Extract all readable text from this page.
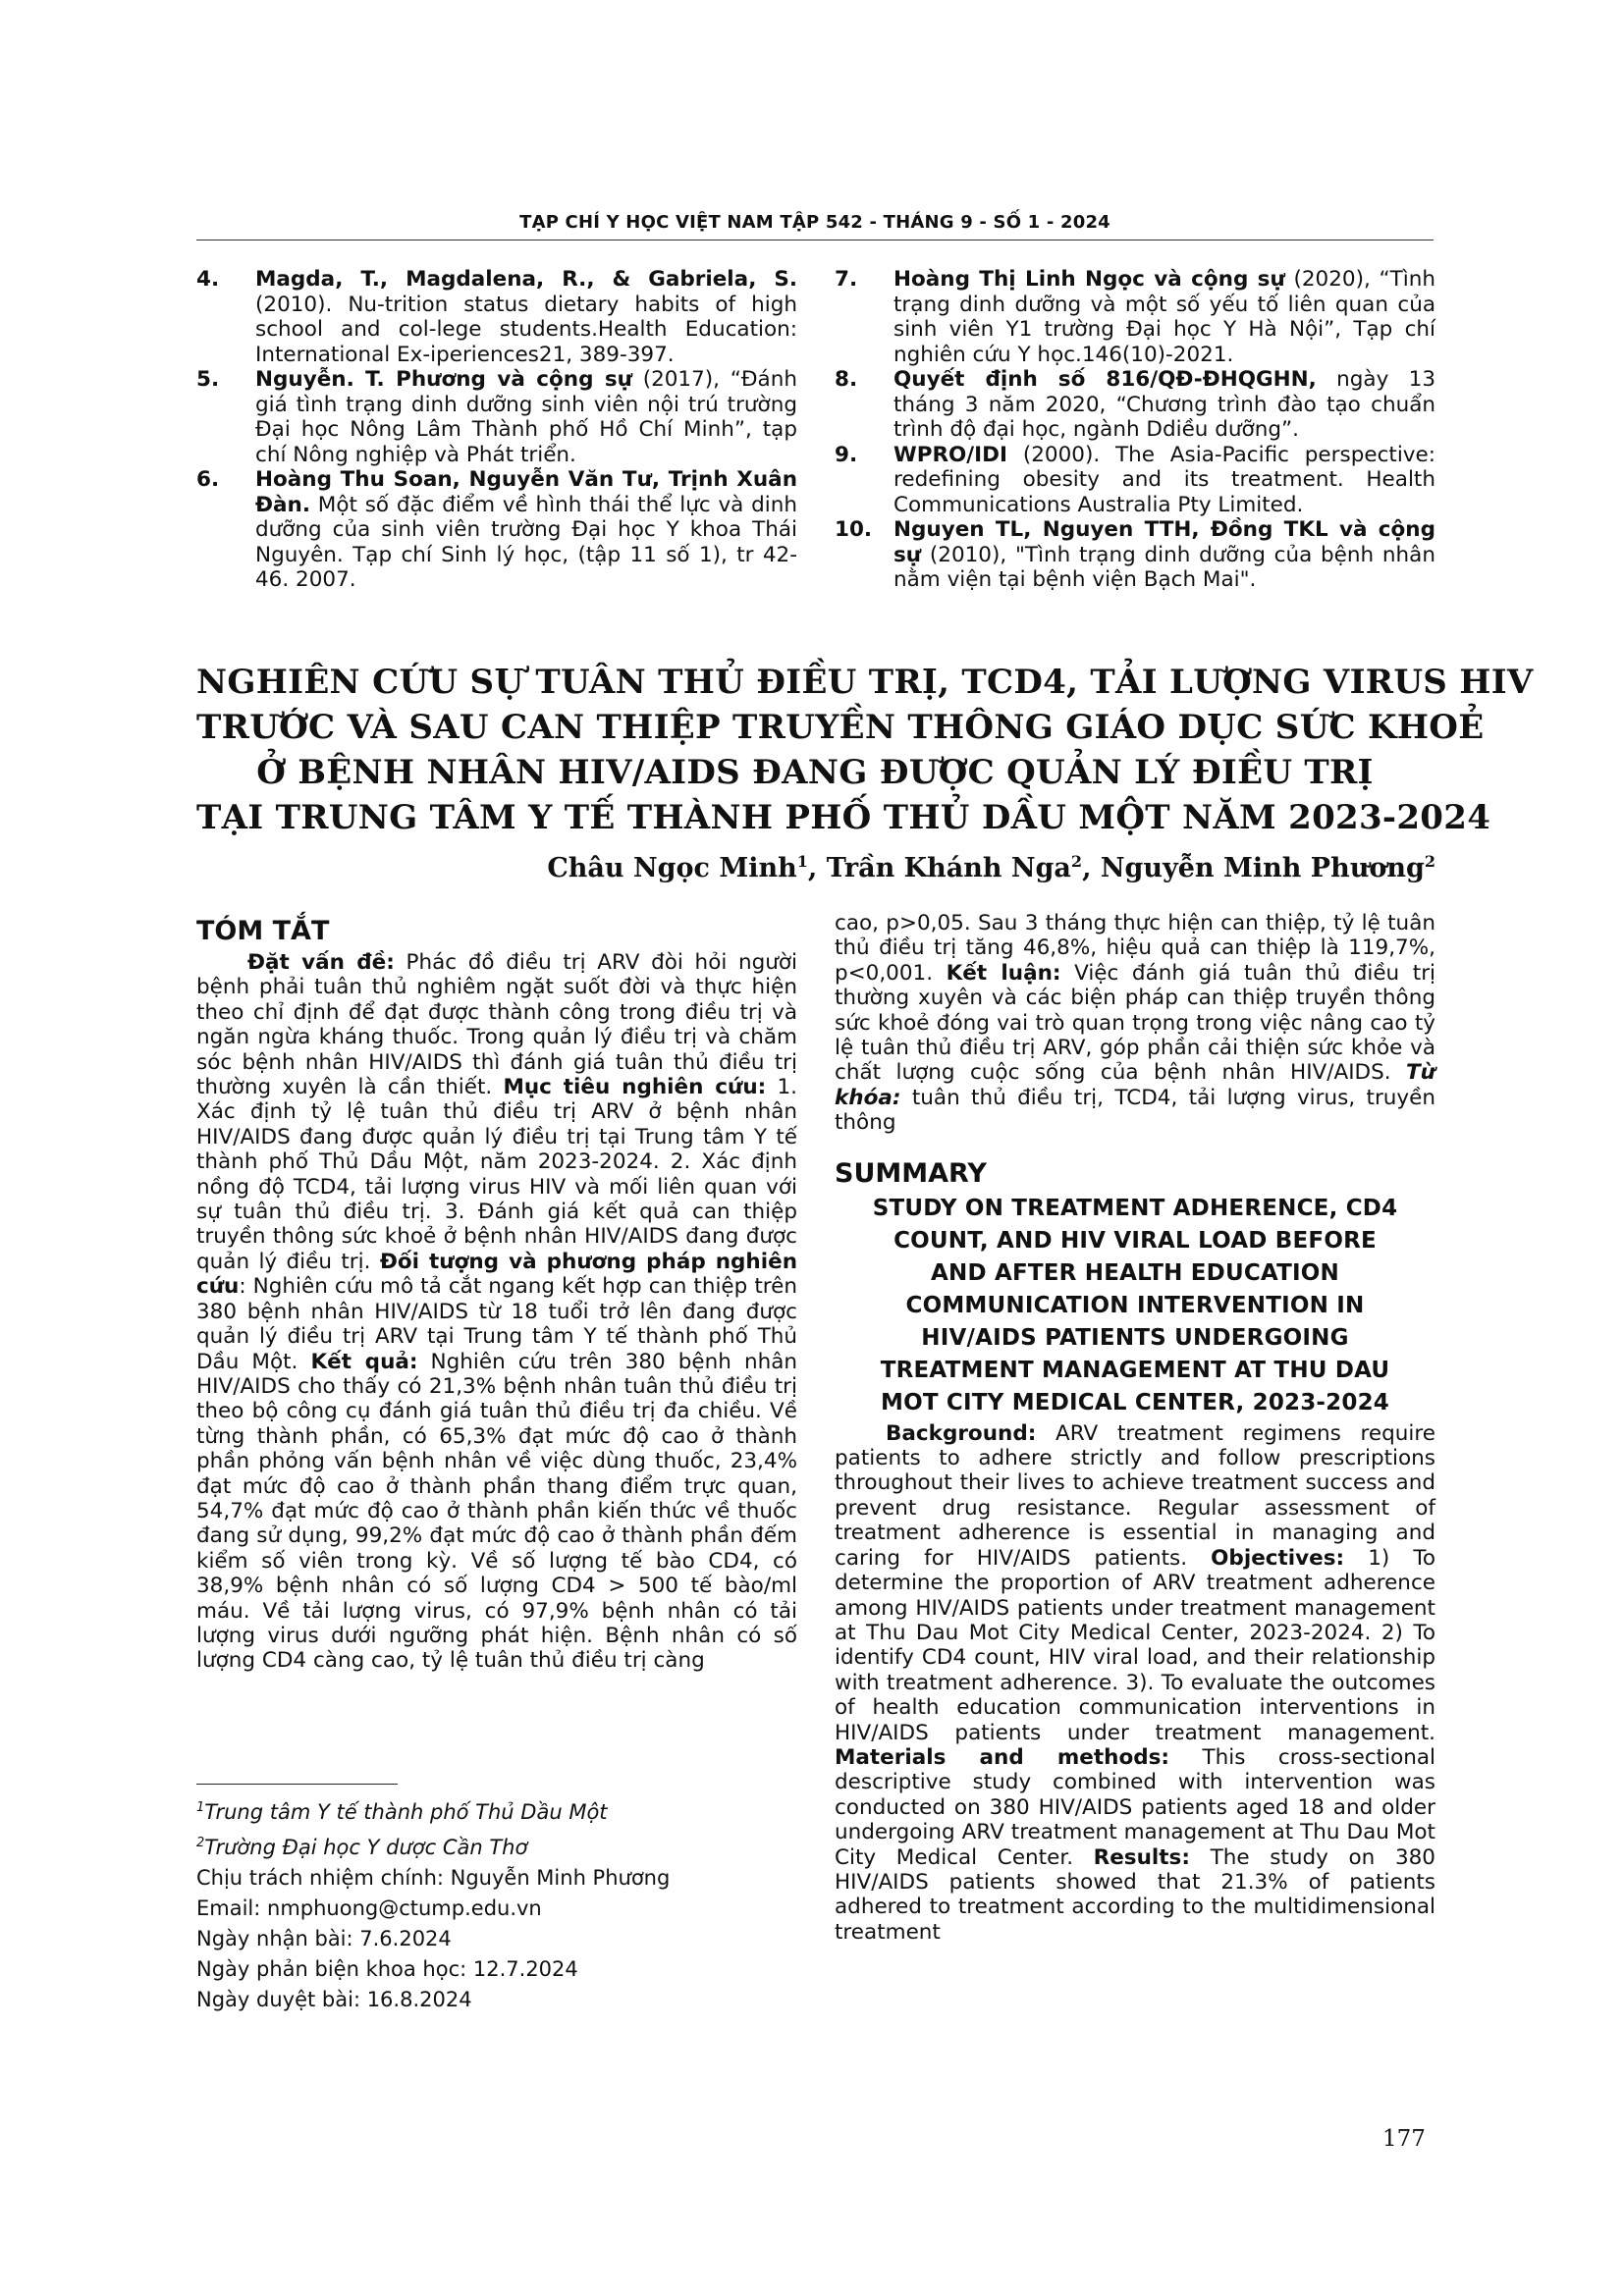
TẠP CHÍ Y HỌC VIỆT NAM TẬP 542 - THÁNG 9 - SỐ 1 - 2024
4. Magda, T., Magdalena, R., & Gabriela, S. (2010). Nu-trition status dietary habits of high school and col-lege students.Health Education: International Ex-iperiences21, 389-397.
5. Nguyễn. T. Phương và cộng sự (2017), “Đánh giá tình trạng dinh dưỡng sinh viên nội trú trường Đại học Nông Lâm Thành phố Hồ Chí Minh”, tạp chí Nông nghiệp và Phát triển.
6. Hoàng Thu Soan, Nguyễn Văn Tư, Trịnh Xuân Đàn. Một số đặc điểm về hình thái thể lực và dinh dưỡng của sinh viên trường Đại học Y khoa Thái Nguyên. Tạp chí Sinh lý học, (tập 11 số 1), tr 42-46. 2007.
7. Hoàng Thị Linh Ngọc và cộng sự (2020), “Tình trạng dinh dưỡng và một số yếu tố liên quan của sinh viên Y1 trường Đại học Y Hà Nội”, Tạp chí nghiên cứu Y học.146(10)-2021.
8. Quyết định số 816/QĐ-ĐHQGHN, ngày 13 tháng 3 năm 2020, “Chương trình đào tạo chuẩn trình độ đại học, ngành Ddiều dưỡng”.
9. WPRO/IDI (2000). The Asia-Pacific perspective: redefining obesity and its treatment. Health Communications Australia Pty Limited.
10. Nguyen TL, Nguyen TTH, Đồng TKL và cộng sự (2010), "Tình trạng dinh dưỡng của bệnh nhân nằm viện tại bệnh viện Bạch Mai".
NGHIÊN CỨU SỰ TUÂN THỦ ĐIỀU TRỊ, TCD4, TẢI LƯỢNG VIRUS HIV
TRƯỚC VÀ SAU CAN THIỆP TRUYỀN THÔNG GIÁO DỤC SỨC KHOẺ
Ở BỆNH NHÂN HIV/AIDS ĐANG ĐƯỢC QUẢN LÝ ĐIỀU TRỊ
TẠI TRUNG TÂM Y TẾ THÀNH PHỐ THỦ DẦU MỘT NĂM 2023-2024
Châu Ngọc Minh$^1$, Trần Khánh Nga$^2$, Nguyễn Minh Phương$^2$
TÓM TẮT
Đặt vấn đề: Phác đồ điều trị ARV đòi hỏi người bệnh phải tuân thủ nghiêm ngặt suốt đời và thực hiện theo chỉ định để đạt được thành công trong điều trị và ngăn ngừa kháng thuốc. Trong quản lý điều trị và chăm sóc bệnh nhân HIV/AIDS thì đánh giá tuân thủ điều trị thường xuyên là cần thiết. Mục tiêu nghiên cứu: 1. Xác định tỷ lệ tuân thủ điều trị ARV ở bệnh nhân HIV/AIDS đang được quản lý điều trị tại Trung tâm Y tế thành phố Thủ Dầu Một, năm 2023-2024. 2. Xác định nồng độ TCD4, tải lượng virus HIV và mối liên quan với sự tuân thủ điều trị. 3. Đánh giá kết quả can thiệp truyền thông sức khoẻ ở bệnh nhân HIV/AIDS đang được quản lý điều trị. Đối tượng và phương pháp nghiên cứu: Nghiên cứu mô tả cắt ngang kết hợp can thiệp trên 380 bệnh nhân HIV/AIDS từ 18 tuổi trở lên đang được quản lý điều trị ARV tại Trung tâm Y tế thành phố Thủ Dầu Một. Kết quả: Nghiên cứu trên 380 bệnh nhân HIV/AIDS cho thấy có 21,3% bệnh nhân tuân thủ điều trị theo bộ công cụ đánh giá tuân thủ điều trị đa chiều. Về từng thành phần, có 65,3% đạt mức độ cao ở thành phần phỏng vấn bệnh nhân về việc dùng thuốc, 23,4% đạt mức độ cao ở thành phần thang điểm trực quan, 54,7% đạt mức độ cao ở thành phần kiến thức về thuốc đang sử dụng, 99,2% đạt mức độ cao ở thành phần đếm kiểm số viên trong kỳ. Về số lượng tế bào CD4, có 38,9% bệnh nhân có số lượng CD4 > 500 tế bào/ml máu. Về tải lượng virus, có 97,9% bệnh nhân có tải lượng virus dưới ngưỡng phát hiện. Bệnh nhân có số lượng CD4 càng cao, tỷ lệ tuân thủ điều trị càng
$^1$Trung tâm Y tế thành phố Thủ Dầu Một
$^2$Trường Đại học Y dược Cần Thơ
Chịu trách nhiệm chính: Nguyễn Minh Phương
Email: nmphuong@ctump.edu.vn
Ngày nhận bài: 7.6.2024
Ngày phản biện khoa học: 12.7.2024
Ngày duyệt bài: 16.8.2024
cao, p>0,05. Sau 3 tháng thực hiện can thiệp, tỷ lệ tuân thủ điều trị tăng 46,8%, hiệu quả can thiệp là 119,7%, p<0,001. Kết luận: Việc đánh giá tuân thủ điều trị thường xuyên và các biện pháp can thiệp truyền thông sức khoẻ đóng vai trò quan trọng trong việc nâng cao tỷ lệ tuân thủ điều trị ARV, góp phần cải thiện sức khỏe và chất lượng cuộc sống của bệnh nhân HIV/AIDS. Từ khóa: tuân thủ điều trị, TCD4, tải lượng virus, truyền thông
SUMMARY
STUDY ON TREATMENT ADHERENCE, CD4
COUNT, AND HIV VIRAL LOAD BEFORE
AND AFTER HEALTH EDUCATION
COMMUNICATION INTERVENTION IN
HIV/AIDS PATIENTS UNDERGOING
TREATMENT MANAGEMENT AT THU DAU
MOT CITY MEDICAL CENTER, 2023-2024
Background: ARV treatment regimens require patients to adhere strictly and follow prescriptions throughout their lives to achieve treatment success and prevent drug resistance. Regular assessment of treatment adherence is essential in managing and caring for HIV/AIDS patients. Objectives: 1) To determine the proportion of ARV treatment adherence among HIV/AIDS patients under treatment management at Thu Dau Mot City Medical Center, 2023-2024. 2) To identify CD4 count, HIV viral load, and their relationship with treatment adherence. 3). To evaluate the outcomes of health education communication interventions in HIV/AIDS patients under treatment management. Materials and methods: This cross-sectional descriptive study combined with intervention was conducted on 380 HIV/AIDS patients aged 18 and older undergoing ARV treatment management at Thu Dau Mot City Medical Center. Results: The study on 380 HIV/AIDS patients showed that 21.3% of patients adhered to treatment according to the multidimensional treatment
177
